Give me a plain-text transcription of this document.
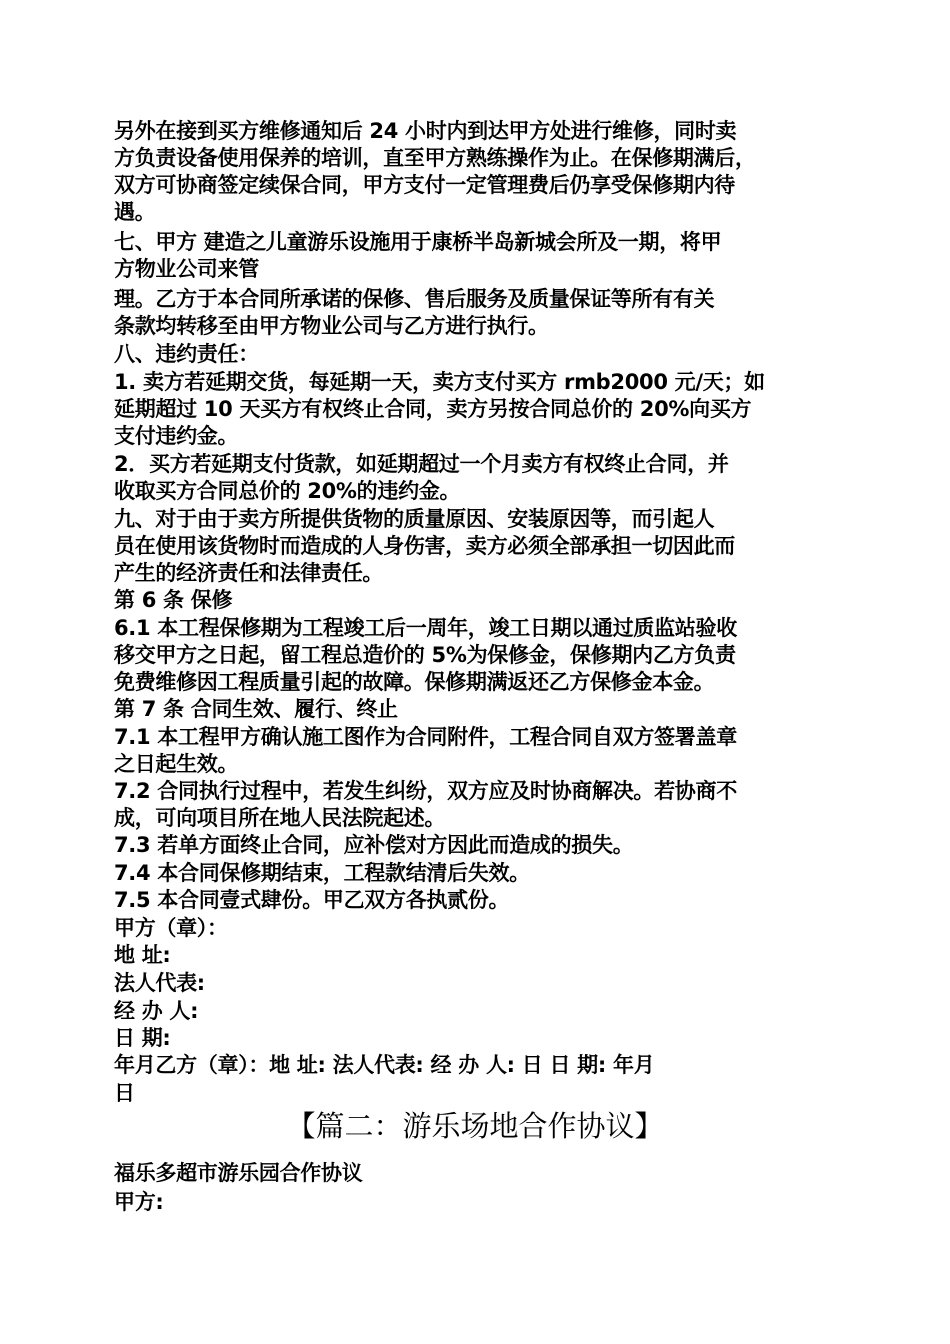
另外在接到买方维修通知后 24 小时内到达甲方处进行维修，同时卖
方负责设备使用保养的培训，直至甲方熟练操作为止。在保修期满后，
双方可协商签定续保合同，甲方支付一定管理费后仍享受保修期内待
遇。
七、甲方 建造之儿童游乐设施用于康桥半岛新城会所及一期，将甲
方物业公司来管
理。乙方于本合同所承诺的保修、售后服务及质量保证等所有有关
条款均转移至由甲方物业公司与乙方进行执行。
八、违约责任：
1. 卖方若延期交货，每延期一天，卖方支付买方 rmb2000 元/天；如
延期超过 10 天买方有权终止合同，卖方另按合同总价的 20%向买方
支付违约金。
2．买方若延期支付货款，如延期超过一个月卖方有权终止合同，并
收取买方合同总价的 20%的违约金。
九、对于由于卖方所提供货物的质量原因、安装原因等，而引起人
员在使用该货物时而造成的人身伤害，卖方必须全部承担一切因此而
产生的经济责任和法律责任。
第 6 条 保修
6.1 本工程保修期为工程竣工后一周年，竣工日期以通过质监站验收
移交甲方之日起，留工程总造价的 5%为保修金，保修期内乙方负责
免费维修因工程质量引起的故障。保修期满返还乙方保修金本金。
第 7 条 合同生效、履行、终止
7.1 本工程甲方确认施工图作为合同附件，工程合同自双方签署盖章
之日起生效。
7.2 合同执行过程中，若发生纠纷，双方应及时协商解决。若协商不
成，可向项目所在地人民法院起述。
7.3 若单方面终止合同，应补偿对方因此而造成的损失。
7.4 本合同保修期结束，工程款结清后失效。
7.5 本合同壹式肆份。甲乙双方各执贰份。
甲方（章）：
地 址:
法人代表:
经 办 人:
日 期:
年月乙方（章）：地 址: 法人代表: 经 办 人: 日 日 期: 年月
日
【篇二：游乐场地合作协议】
福乐多超市游乐园合作协议
甲方:
